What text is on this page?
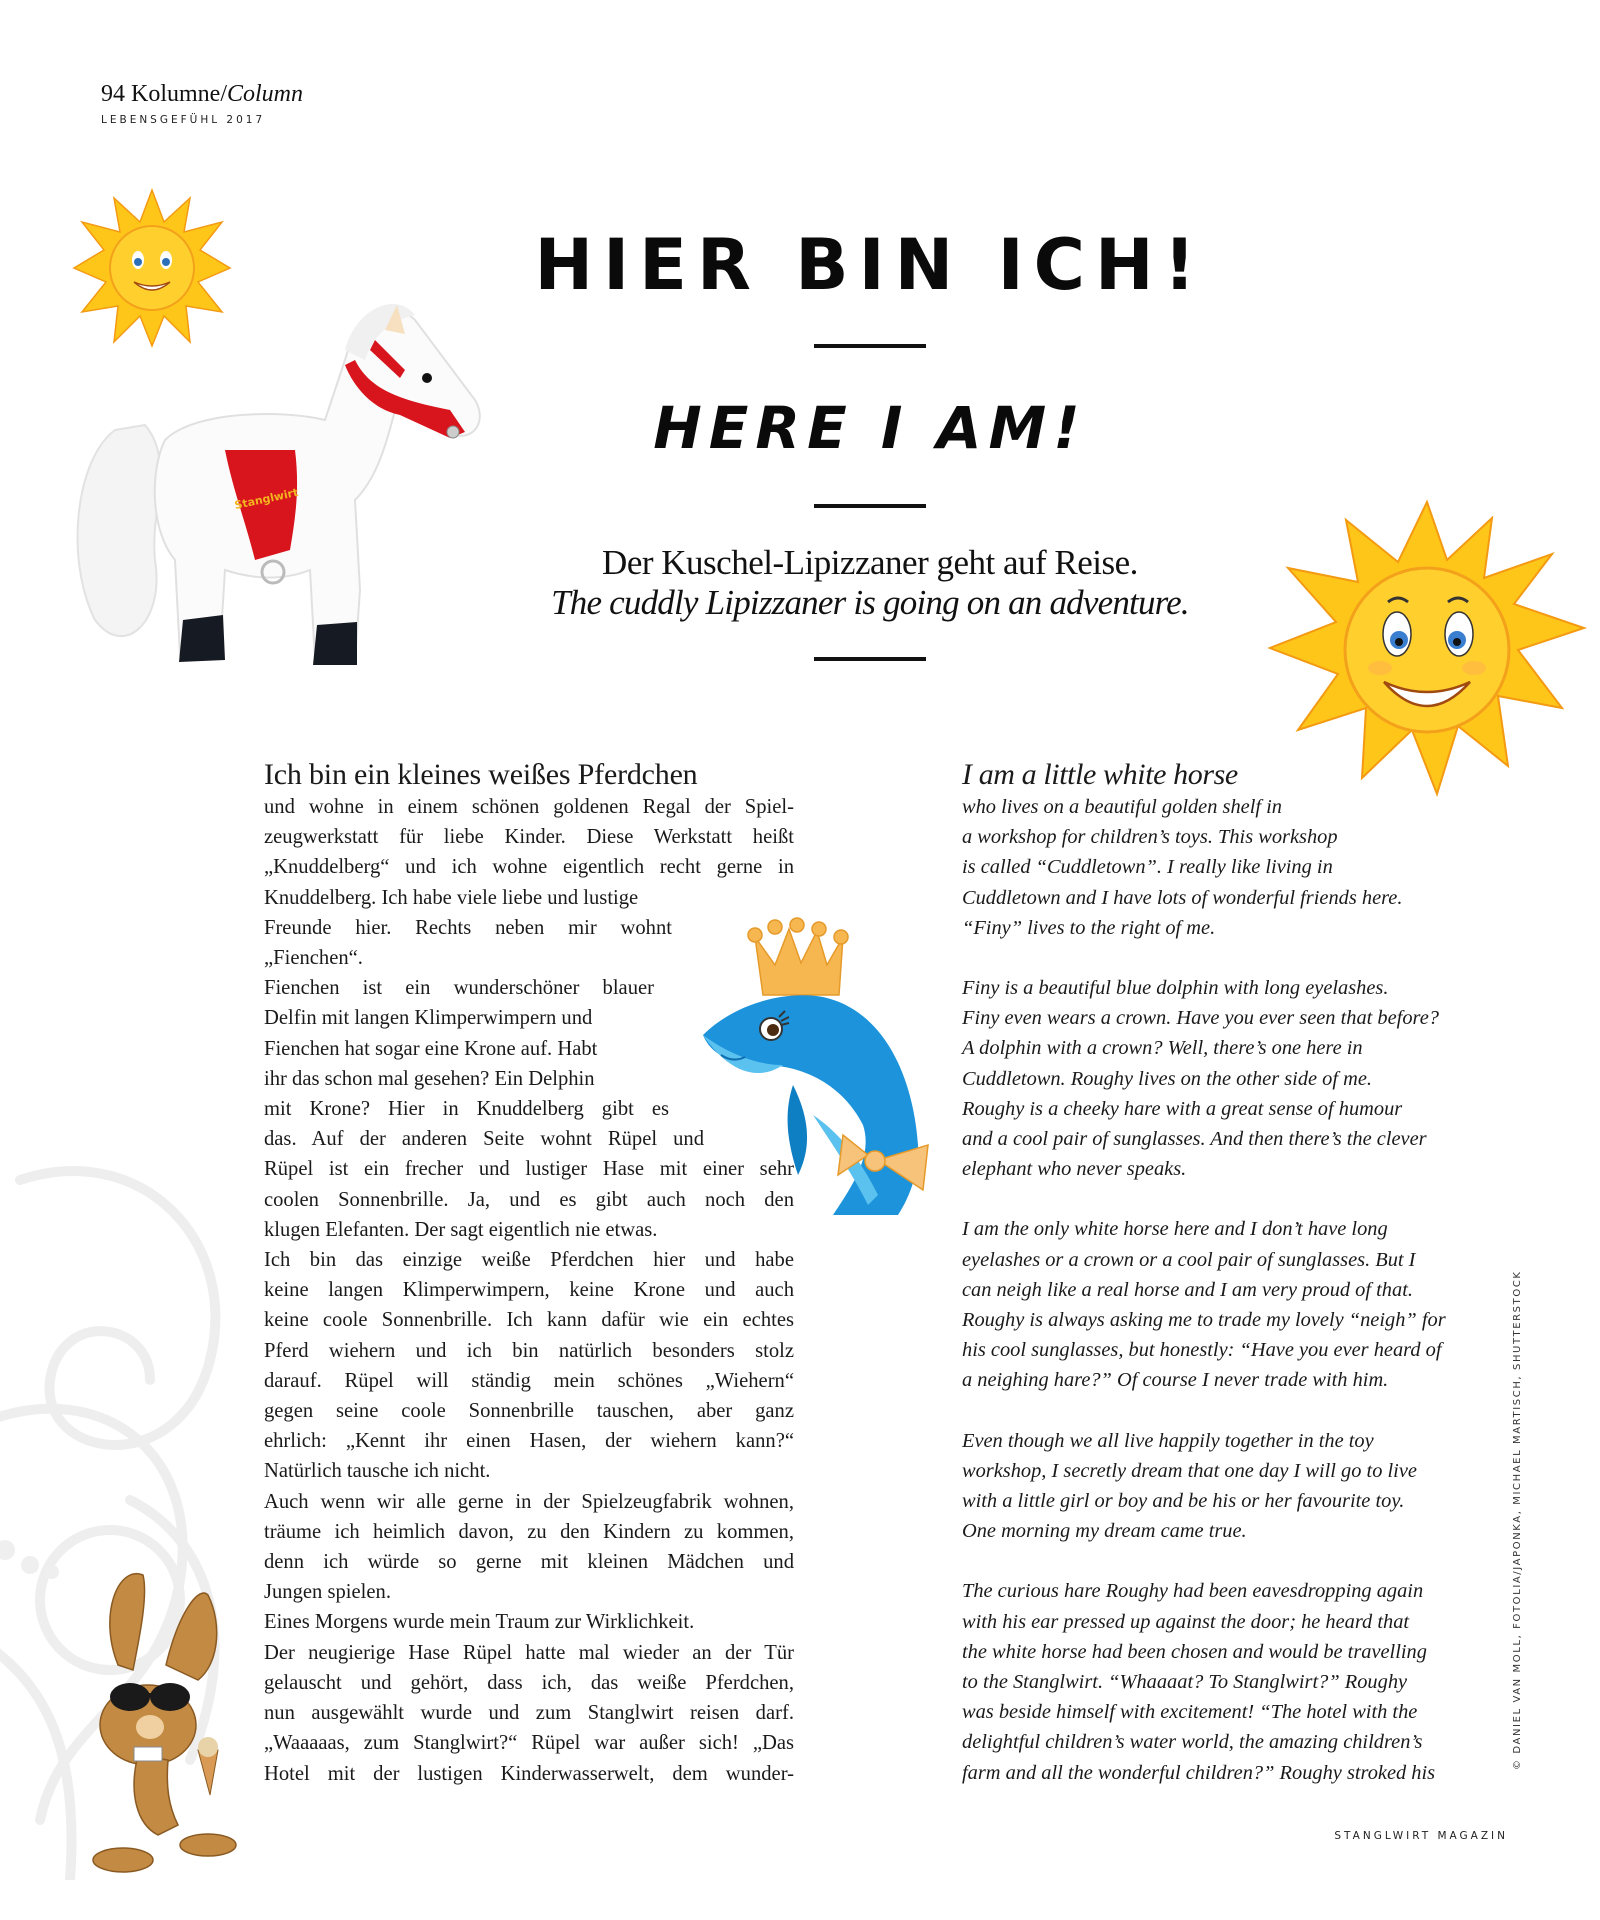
94 Kolumne/Column
LEBENSGEFÜHL 2017
Stanglwirt
HIER BIN ICH!
HERE I AM!
Der Kuschel-Lipizzaner geht auf Reise.
The cuddly Lipizzaner is going on an adventure.
Ich bin ein kleines weißes Pferdchen

und wohne in einem schönen goldenen Regal der Spiel-
zeugwerkstatt für liebe Kinder. Diese Werkstatt heißt
„Knuddelberg“ und ich wohne eigentlich recht gerne in
Knuddelberg. Ich habe viele liebe und lustige
Freunde hier. Rechts neben mir wohnt
„Fienchen“.
Fienchen ist ein wunderschöner blauer
Delfin mit langen Klimperwimpern und
Fienchen hat sogar eine Krone auf. Habt
ihr das schon mal gesehen? Ein Delphin
mit Krone? Hier in Knuddelberg gibt es
das. Auf der anderen Seite wohnt Rüpel und
Rüpel ist ein frecher und lustiger Hase mit einer sehr
coolen Sonnenbrille. Ja, und es gibt auch noch den
klugen Elefanten. Der sagt eigentlich nie etwas.
Ich bin das einzige weiße Pferdchen hier und habe
keine langen Klimperwimpern, keine Krone und auch
keine coole Sonnenbrille. Ich kann dafür wie ein echtes
Pferd wiehern und ich bin natürlich besonders stolz
darauf. Rüpel will ständig mein schönes „Wiehern“
gegen seine coole Sonnenbrille tauschen, aber ganz
ehrlich: „Kennt ihr einen Hasen, der wiehern kann?“
Natürlich tausche ich nicht.
Auch wenn wir alle gerne in der Spielzeugfabrik wohnen,
träume ich heimlich davon, zu den Kindern zu kommen,
denn ich würde so gerne mit kleinen Mädchen und
Jungen spielen.
Eines Morgens wurde mein Traum zur Wirklichkeit.
Der neugierige Hase Rüpel hatte mal wieder an der Tür
gelauscht und gehört, dass ich, das weiße Pferdchen,
nun ausgewählt wurde und zum Stanglwirt reisen darf.
„Waaaaas, zum Stanglwirt?“ Rüpel war außer sich! „Das
Hotel mit der lustigen Kinderwasserwelt, dem wunder-

I am a little white horse

who lives on a beautiful golden shelf in
a workshop for children’s toys. This workshop
is called “Cuddletown”. I really like living in
Cuddletown and I have lots of wonderful friends here.
“Finy” lives to the right of me.

Finy is a beautiful blue dolphin with long eyelashes.
Finy even wears a crown. Have you ever seen that before?
A dolphin with a crown? Well, there’s one here in
Cuddletown. Roughy lives on the other side of me.
Roughy is a cheeky hare with a great sense of humour
and a cool pair of sunglasses. And then there’s the clever
elephant who never speaks.

I am the only white horse here and I don’t have long
eyelashes or a crown or a cool pair of sunglasses. But I
can neigh like a real horse and I am very proud of that.
Roughy is always asking me to trade my lovely “neigh” for
his cool sunglasses, but honestly: “Have you ever heard of
a neighing hare?” Of course I never trade with him.

Even though we all live happily together in the toy
workshop, I secretly dream that one day I will go to live
with a little girl or boy and be his or her favourite toy.
One morning my dream came true.

The curious hare Roughy had been eavesdropping again
with his ear pressed up against the door; he heard that
the white horse had been chosen and would be travelling
to the Stanglwirt. “Whaaaat? To Stanglwirt?” Roughy
was beside himself with excitement! “The hotel with the
delightful children’s water world, the amazing children’s
farm and all the wonderful children?” Roughy stroked his

© DANIEL VAN MOLL, FOTOLIA/JAPONKA, MICHAEL MARTISCH, SHUTTERSTOCK
STANGLWIRT MAGAZIN
